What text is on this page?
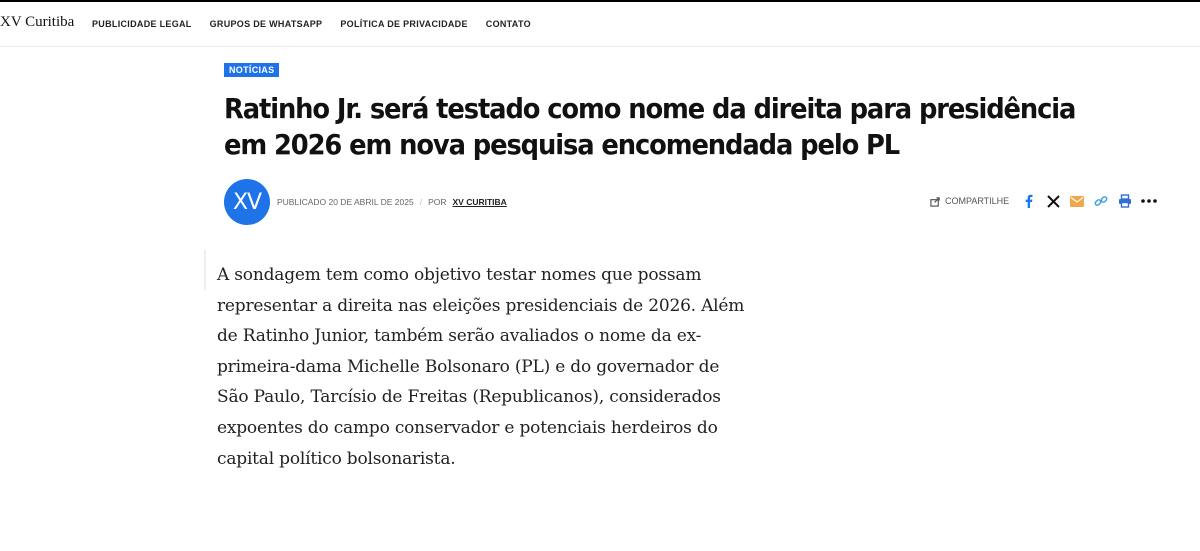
XV Curitiba PUBLICIDADE LEGAL GRUPOS DE WHATSAPP POLÍTICA DE PRIVACIDADE CONTATO
NOTÍCIAS
Ratinho Jr. será testado como nome da direita para presidência em 2026 em nova pesquisa encomendada pelo PL
XV	PUBLICADO 20 DE ABRIL DE 2025 / POR XV CURITIBA	COMPARTILHE

A sondagem tem como objetivo testar nomes que possam representar a direita nas eleições presidenciais de 2026. Além de Ratinho Junior, também serão avaliados o nome da ex-primeira-dama Michelle Bolsonaro (PL) e do governador de São Paulo, Tarcísio de Freitas (Republicanos), considerados expoentes do campo conservador e potenciais herdeiros do capital político bolsonarista.
